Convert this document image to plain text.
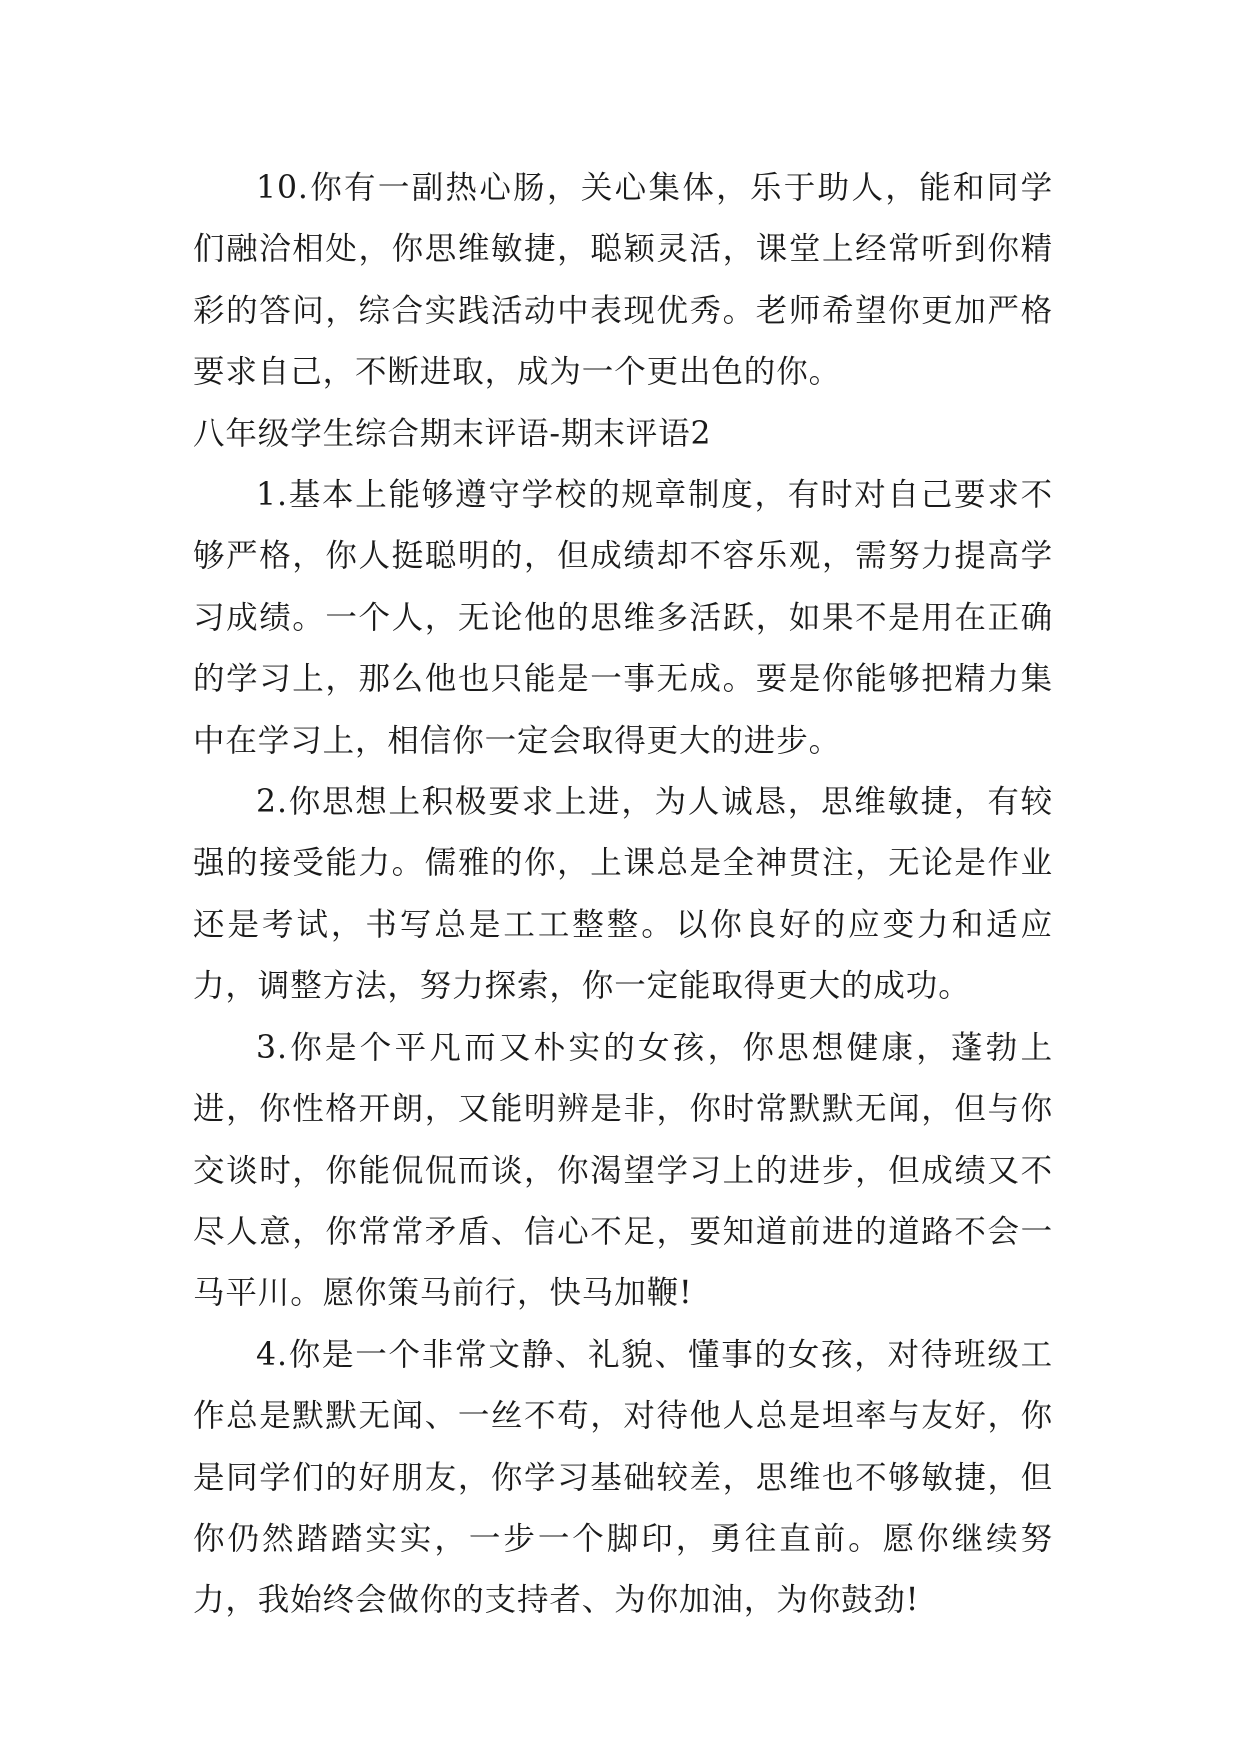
10.你有一副热心肠，关心集体，乐于助人，能和同学们融洽相处，你思维敏捷，聪颖灵活，课堂上经常听到你精彩的答问，综合实践活动中表现优秀。老师希望你更加严格要求自己，不断进取，成为一个更出色的你。

八年级学生综合期末评语-期末评语2

1.基本上能够遵守学校的规章制度，有时对自己要求不够严格，你人挺聪明的，但成绩却不容乐观，需努力提高学习成绩。一个人，无论他的思维多活跃，如果不是用在正确的学习上，那么他也只能是一事无成。要是你能够把精力集中在学习上，相信你一定会取得更大的进步。

2.你思想上积极要求上进，为人诚恳，思维敏捷，有较强的接受能力。儒雅的你，上课总是全神贯注，无论是作业还是考试，书写总是工工整整。以你良好的应变力和适应力，调整方法，努力探索，你一定能取得更大的成功。

3.你是个平凡而又朴实的女孩，你思想健康，蓬勃上进，你性格开朗，又能明辨是非，你时常默默无闻，但与你交谈时，你能侃侃而谈，你渴望学习上的进步，但成绩又不尽人意，你常常矛盾、信心不足，要知道前进的道路不会一马平川。愿你策马前行，快马加鞭!

4.你是一个非常文静、礼貌、懂事的女孩，对待班级工作总是默默无闻、一丝不苟，对待他人总是坦率与友好，你是同学们的好朋友，你学习基础较差，思维也不够敏捷，但你仍然踏踏实实，一步一个脚印，勇往直前。愿你继续努力，我始终会做你的支持者、为你加油，为你鼓劲!
